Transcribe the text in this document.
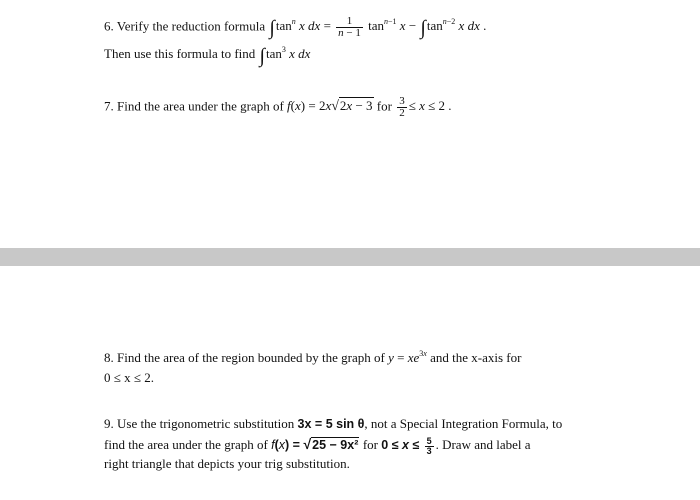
6. Verify the reduction formula $\int\tan^n$ x dx = $\frac{1}{n - 1} \tan^{n-1} x - \int\tan^{n-2}$ x dx .
Then use this formula to find $\int\tan^3$ x dx
7. Find the area under the graph of f(x) = 2x√2x − 3 for $\frac{3}{2} \le x \le 2$ .
8. Find the area of the region bounded by the graph of $y = xe^{3x}$ and the x-axis for
0 ≤ x ≤ 2.
9. Use the trigonometric substitution 3x = 5 sin θ, not a Special Integration Formula, to
find the area under the graph of f(x) = √25 − 9x² for $0 \le x \le \frac{5}{3}$ . Draw and label a
right triangle that depicts your trig substitution.
